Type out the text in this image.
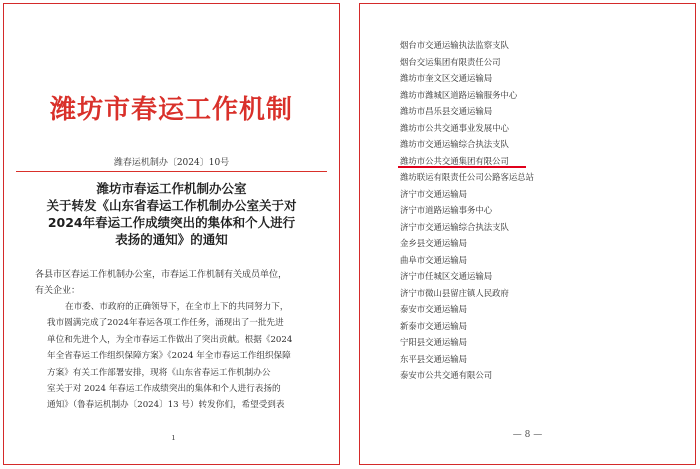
潍坊市春运工作机制
潍春运机制办〔2024〕10号
潍坊市春运工作机制办公室
关于转发《山东省春运工作机制办公室关于对
2024年春运工作成绩突出的集体和个人进行
表扬的通知》的通知
各县市区春运工作机制办公室，市春运工作机制有关成员单位，
有关企业：
在市委、市政府的正确领导下，在全市上下的共同努力下，
我市圆满完成了2024年春运各项工作任务，涌现出了一批先进
单位和先进个人，为全市春运工作做出了突出贡献。根据《2024
年全省春运工作组织保障方案》《2024 年全市春运工作组织保障
方案》有关工作部署安排，现将《山东省春运工作机制办公
室关于对 2024 年春运工作成绩突出的集体和个人进行表扬的
通知》（鲁春运机制办〔2024〕13 号）转发你们，希望受到表
ı
烟台市交通运输执法监察支队
烟台交运集团有限责任公司
潍坊市奎文区交通运输局
潍坊市潍城区道路运输服务中心
潍坊市昌乐县交通运输局
潍坊市公共交通事业发展中心
潍坊市交通运输综合执法支队
潍坊市公共交通集团有限公司
潍坊联运有限责任公司公路客运总站
济宁市交通运输局
济宁市道路运输事务中心
济宁市交通运输综合执法支队
金乡县交通运输局
曲阜市交通运输局
济宁市任城区交通运输局
济宁市微山县留庄镇人民政府
泰安市交通运输局
新泰市交通运输局
宁阳县交通运输局
东平县交通运输局
泰安市公共交通有限公司
— 8 —
